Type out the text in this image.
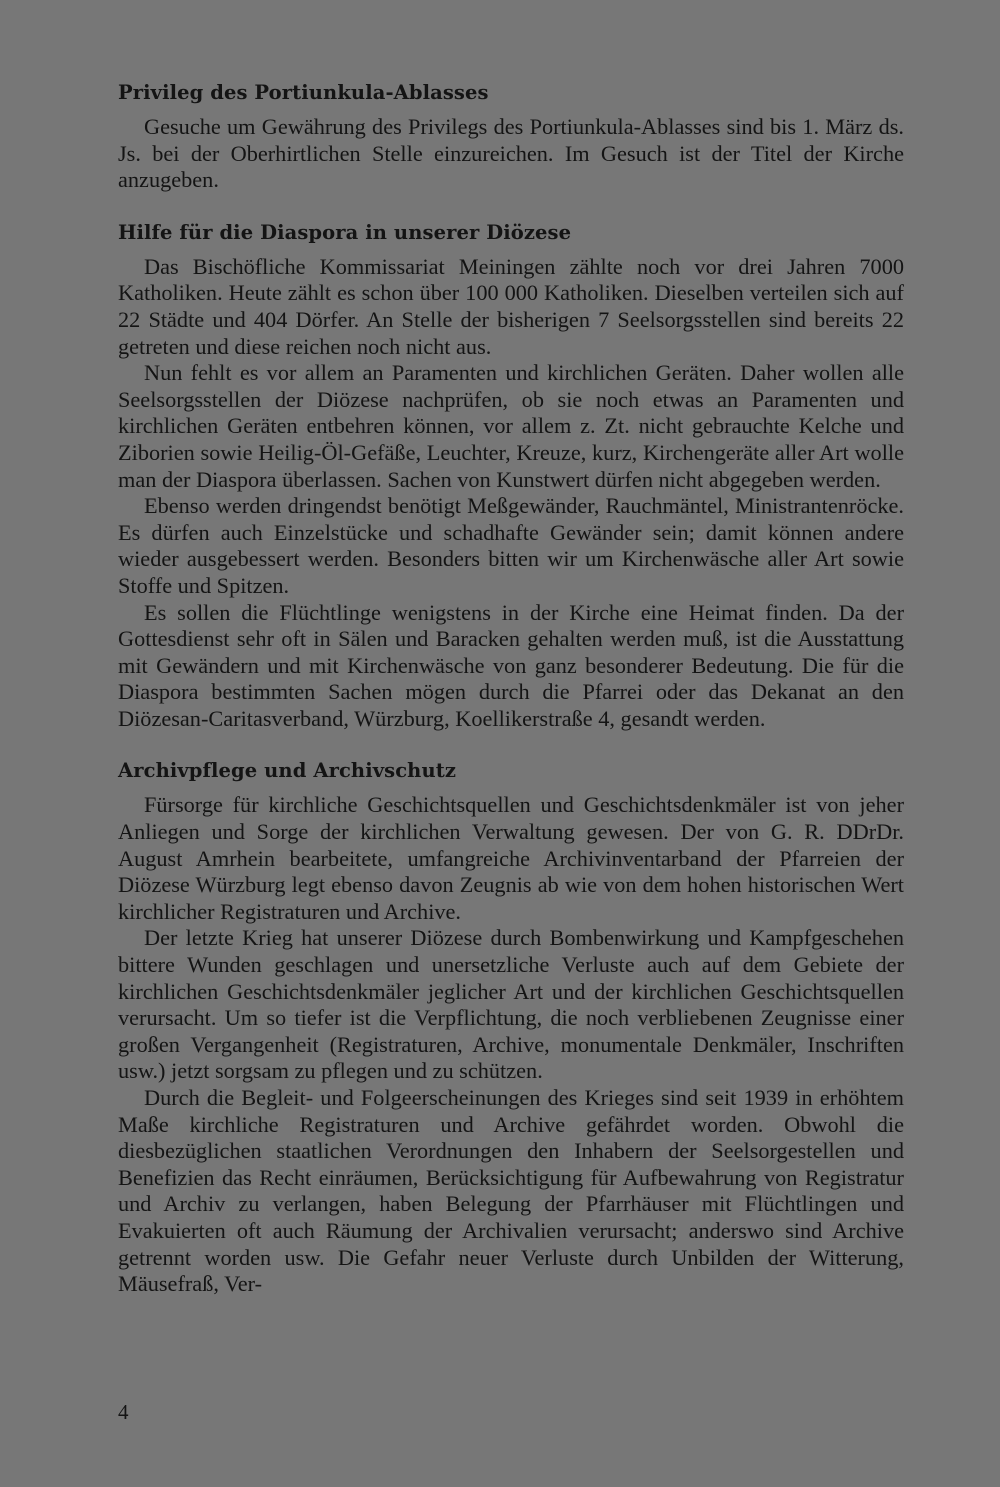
Privileg des Portiunkula-Ablasses

Gesuche um Gewährung des Privilegs des Portiunkula-Ablasses sind bis 1. März ds. Js. bei der Oberhirtlichen Stelle einzureichen. Im Gesuch ist der Titel der Kirche anzugeben.

Hilfe für die Diaspora in unserer Diözese

Das Bischöfliche Kommissariat Meiningen zählte noch vor drei Jahren 7000 Katholiken. Heute zählt es schon über 100 000 Katholiken. Dieselben verteilen sich auf 22 Städte und 404 Dörfer. An Stelle der bisherigen 7 Seelsorgsstellen sind bereits 22 getreten und diese reichen noch nicht aus.

Nun fehlt es vor allem an Paramenten und kirchlichen Geräten. Daher wollen alle Seelsorgsstellen der Diözese nachprüfen, ob sie noch etwas an Paramenten und kirchlichen Geräten entbehren können, vor allem z. Zt. nicht gebrauchte Kelche und Ziborien sowie Heilig-Öl-Gefäße, Leuchter, Kreuze, kurz, Kirchengeräte aller Art wolle man der Diaspora überlassen. Sachen von Kunstwert dürfen nicht abgegeben werden.

Ebenso werden dringendst benötigt Meßgewänder, Rauchmäntel, Ministrantenröcke. Es dürfen auch Einzelstücke und schadhafte Gewänder sein; damit können andere wieder ausgebessert werden. Besonders bitten wir um Kirchenwäsche aller Art sowie Stoffe und Spitzen.

Es sollen die Flüchtlinge wenigstens in der Kirche eine Heimat finden. Da der Gottesdienst sehr oft in Sälen und Baracken gehalten werden muß, ist die Ausstattung mit Gewändern und mit Kirchenwäsche von ganz besonderer Bedeutung. Die für die Diaspora bestimmten Sachen mögen durch die Pfarrei oder das Dekanat an den Diözesan-Caritasverband, Würzburg, Koellikerstraße 4, gesandt werden.

Archivpflege und Archivschutz

Fürsorge für kirchliche Geschichtsquellen und Geschichtsdenkmäler ist von jeher Anliegen und Sorge der kirchlichen Verwaltung gewesen. Der von G. R. DDrDr. August Amrhein bearbeitete, umfangreiche Archivinventarband der Pfarreien der Diözese Würzburg legt ebenso davon Zeugnis ab wie von dem hohen historischen Wert kirchlicher Registraturen und Archive.

Der letzte Krieg hat unserer Diözese durch Bombenwirkung und Kampfgeschehen bittere Wunden geschlagen und unersetzliche Verluste auch auf dem Gebiete der kirchlichen Geschichtsdenkmäler jeglicher Art und der kirchlichen Geschichtsquellen verursacht. Um so tiefer ist die Verpflichtung, die noch verbliebenen Zeugnisse einer großen Vergangenheit (Registraturen, Archive, monumentale Denkmäler, Inschriften usw.) jetzt sorgsam zu pflegen und zu schützen.

Durch die Begleit- und Folgeerscheinungen des Krieges sind seit 1939 in erhöhtem Maße kirchliche Registraturen und Archive gefährdet worden. Obwohl die diesbezüglichen staatlichen Verordnungen den Inhabern der Seelsorgestellen und Benefizien das Recht einräumen, Berücksichtigung für Aufbewahrung von Registratur und Archiv zu verlangen, haben Belegung der Pfarrhäuser mit Flüchtlingen und Evakuierten oft auch Räumung der Archivalien verursacht; anderswo sind Archive getrennt worden usw. Die Gefahr neuer Verluste durch Unbilden der Witterung, Mäusefraß, Ver-

4
